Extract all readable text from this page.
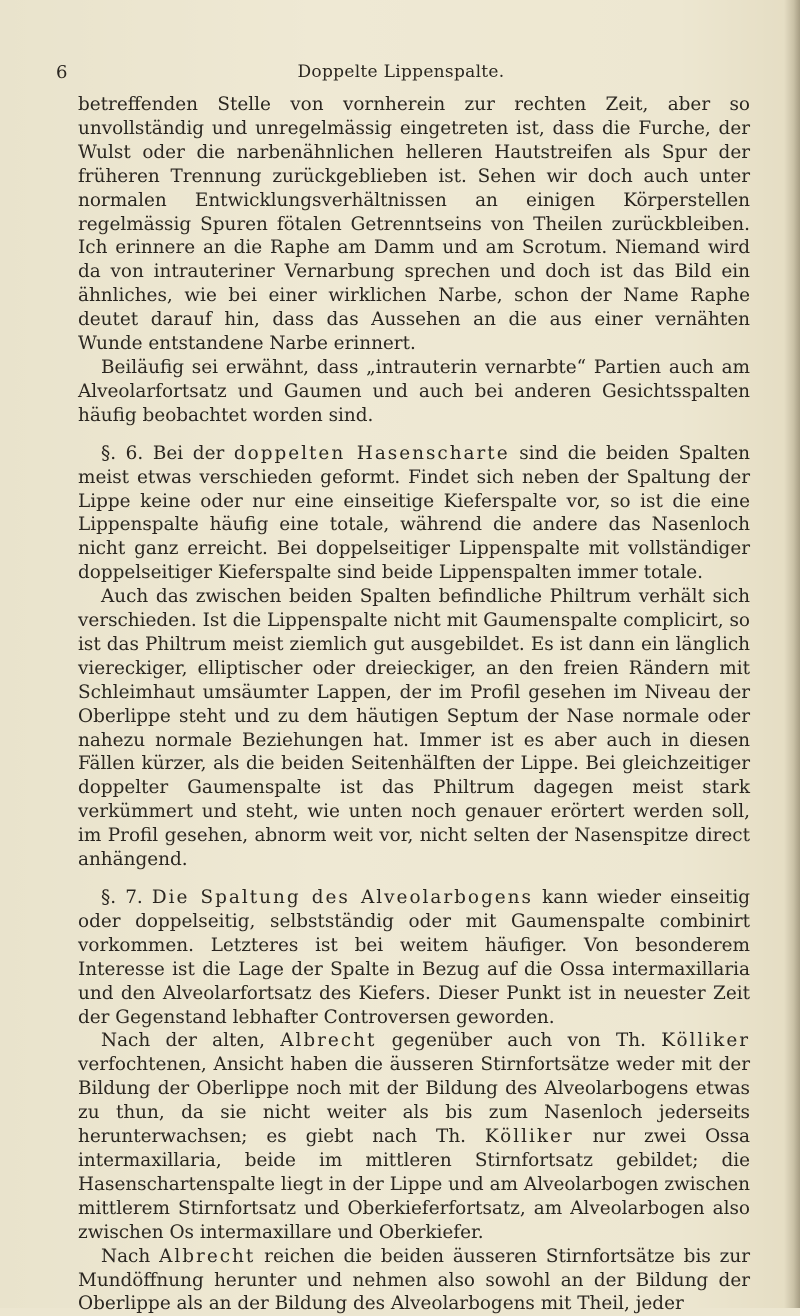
6	Doppelte Lippenspalte.

betreffenden Stelle von vornherein zur rechten Zeit, aber so unvollständig und unregelmässig eingetreten ist, dass die Furche, der Wulst oder die narbenähnlichen helleren Hautstreifen als Spur der früheren Trennung zurückgeblieben ist. Sehen wir doch auch unter normalen Entwicklungsverhältnissen an einigen Körperstellen regelmässig Spuren fötalen Getrenntseins von Theilen zurückbleiben. Ich erinnere an die Raphe am Damm und am Scrotum. Niemand wird da von intrauteriner Vernarbung sprechen und doch ist das Bild ein ähnliches, wie bei einer wirklichen Narbe, schon der Name Raphe deutet darauf hin, dass das Aussehen an die aus einer vernähten Wunde entstandene Narbe erinnert.

Beiläufig sei erwähnt, dass „intrauterin vernarbte“ Partien auch am Alveolarfortsatz und Gaumen und auch bei anderen Gesichtsspalten häufig beobachtet worden sind.

§. 6. Bei der doppelten Hasenscharte sind die beiden Spalten meist etwas verschieden geformt. Findet sich neben der Spaltung der Lippe keine oder nur eine einseitige Kieferspalte vor, so ist die eine Lippenspalte häufig eine totale, während die andere das Nasenloch nicht ganz erreicht. Bei doppelseitiger Lippenspalte mit vollständiger doppelseitiger Kieferspalte sind beide Lippenspalten immer totale.

Auch das zwischen beiden Spalten befindliche Philtrum verhält sich verschieden. Ist die Lippenspalte nicht mit Gaumenspalte complicirt, so ist das Philtrum meist ziemlich gut ausgebildet. Es ist dann ein länglich viereckiger, elliptischer oder dreieckiger, an den freien Rändern mit Schleimhaut umsäumter Lappen, der im Profil gesehen im Niveau der Oberlippe steht und zu dem häutigen Septum der Nase normale oder nahezu normale Beziehungen hat. Immer ist es aber auch in diesen Fällen kürzer, als die beiden Seitenhälften der Lippe. Bei gleichzeitiger doppelter Gaumenspalte ist das Philtrum dagegen meist stark verkümmert und steht, wie unten noch genauer erörtert werden soll, im Profil gesehen, abnorm weit vor, nicht selten der Nasenspitze direct anhängend.

§. 7. Die Spaltung des Alveolarbogens kann wieder einseitig oder doppelseitig, selbstständig oder mit Gaumenspalte combinirt vorkommen. Letzteres ist bei weitem häufiger. Von besonderem Interesse ist die Lage der Spalte in Bezug auf die Ossa intermaxillaria und den Alveolarfortsatz des Kiefers. Dieser Punkt ist in neuester Zeit der Gegenstand lebhafter Controversen geworden.

Nach der alten, Albrecht gegenüber auch von Th. Kölliker verfochtenen, Ansicht haben die äusseren Stirnfortsätze weder mit der Bildung der Oberlippe noch mit der Bildung des Alveolarbogens etwas zu thun, da sie nicht weiter als bis zum Nasenloch jederseits herunterwachsen; es giebt nach Th. Kölliker nur zwei Ossa intermaxillaria, beide im mittleren Stirnfortsatz gebildet; die Hasenschartenspalte liegt in der Lippe und am Alveolarbogen zwischen mittlerem Stirnfortsatz und Oberkieferfortsatz, am Alveolarbogen also zwischen Os intermaxillare und Oberkiefer.

Nach Albrecht reichen die beiden äusseren Stirnfortsätze bis zur Mundöffnung herunter und nehmen also sowohl an der Bildung der Oberlippe als an der Bildung des Alveolarbogens mit Theil, jeder
